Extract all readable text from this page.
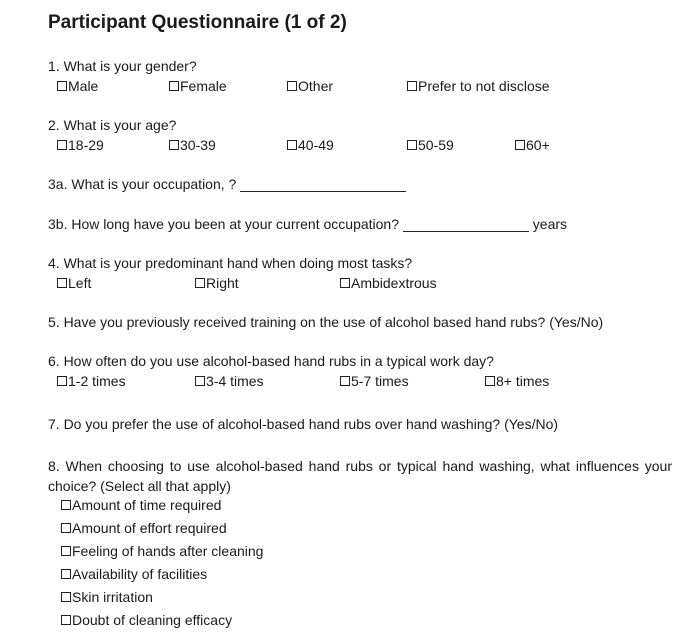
Participant Questionnaire (1 of 2)
1. What is your gender?
Male	Female	Other	Prefer to not disclose
2. What is your age?
18-29	30-39	40-49	50-59	60+
3a. What is your occupation, ?
3b. How long have you been at your current occupation?	years
4. What is your predominant hand when doing most tasks?
Left	Right	Ambidextrous
5. Have you previously received training on the use of alcohol based hand rubs? (Yes/No)
6. How often do you use alcohol-based hand rubs in a typical work day?
1-2 times	3-4 times	5-7 times	8+ times
7. Do you prefer the use of alcohol-based hand rubs over hand washing? (Yes/No)
8. When choosing to use alcohol-based hand rubs or typical hand washing, what influences your choice? (Select all that apply)
Amount of time required
Amount of effort required
Feeling of hands after cleaning
Availability of facilities
Skin irritation
Doubt of cleaning efficacy
